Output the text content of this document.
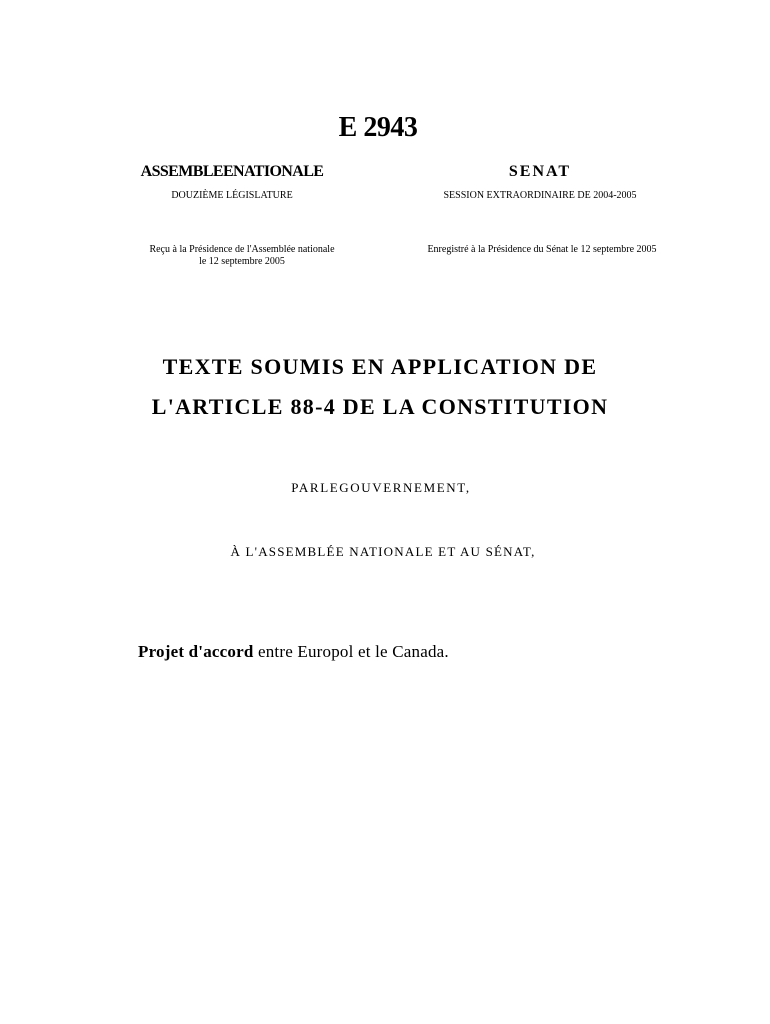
E 2943
ASSEMBLEENATIONALE	SENAT
DOUZIÈME LÉGISLATURE	SESSION EXTRAORDINAIRE DE 2004-2005
Reçu à la Présidence de l'Assemblée nationale
le 12 septembre 2005
Enregistré à la Présidence du Sénat le 12 septembre 2005
TEXTE SOUMIS EN APPLICATION DE
L'ARTICLE 88-4 DE LA CONSTITUTION
PARLEGOUVERNEMENT,
À L'ASSEMBLÉE NATIONALE ET AU SÉNAT,
Projet d'accord entre Europol et le Canada.
